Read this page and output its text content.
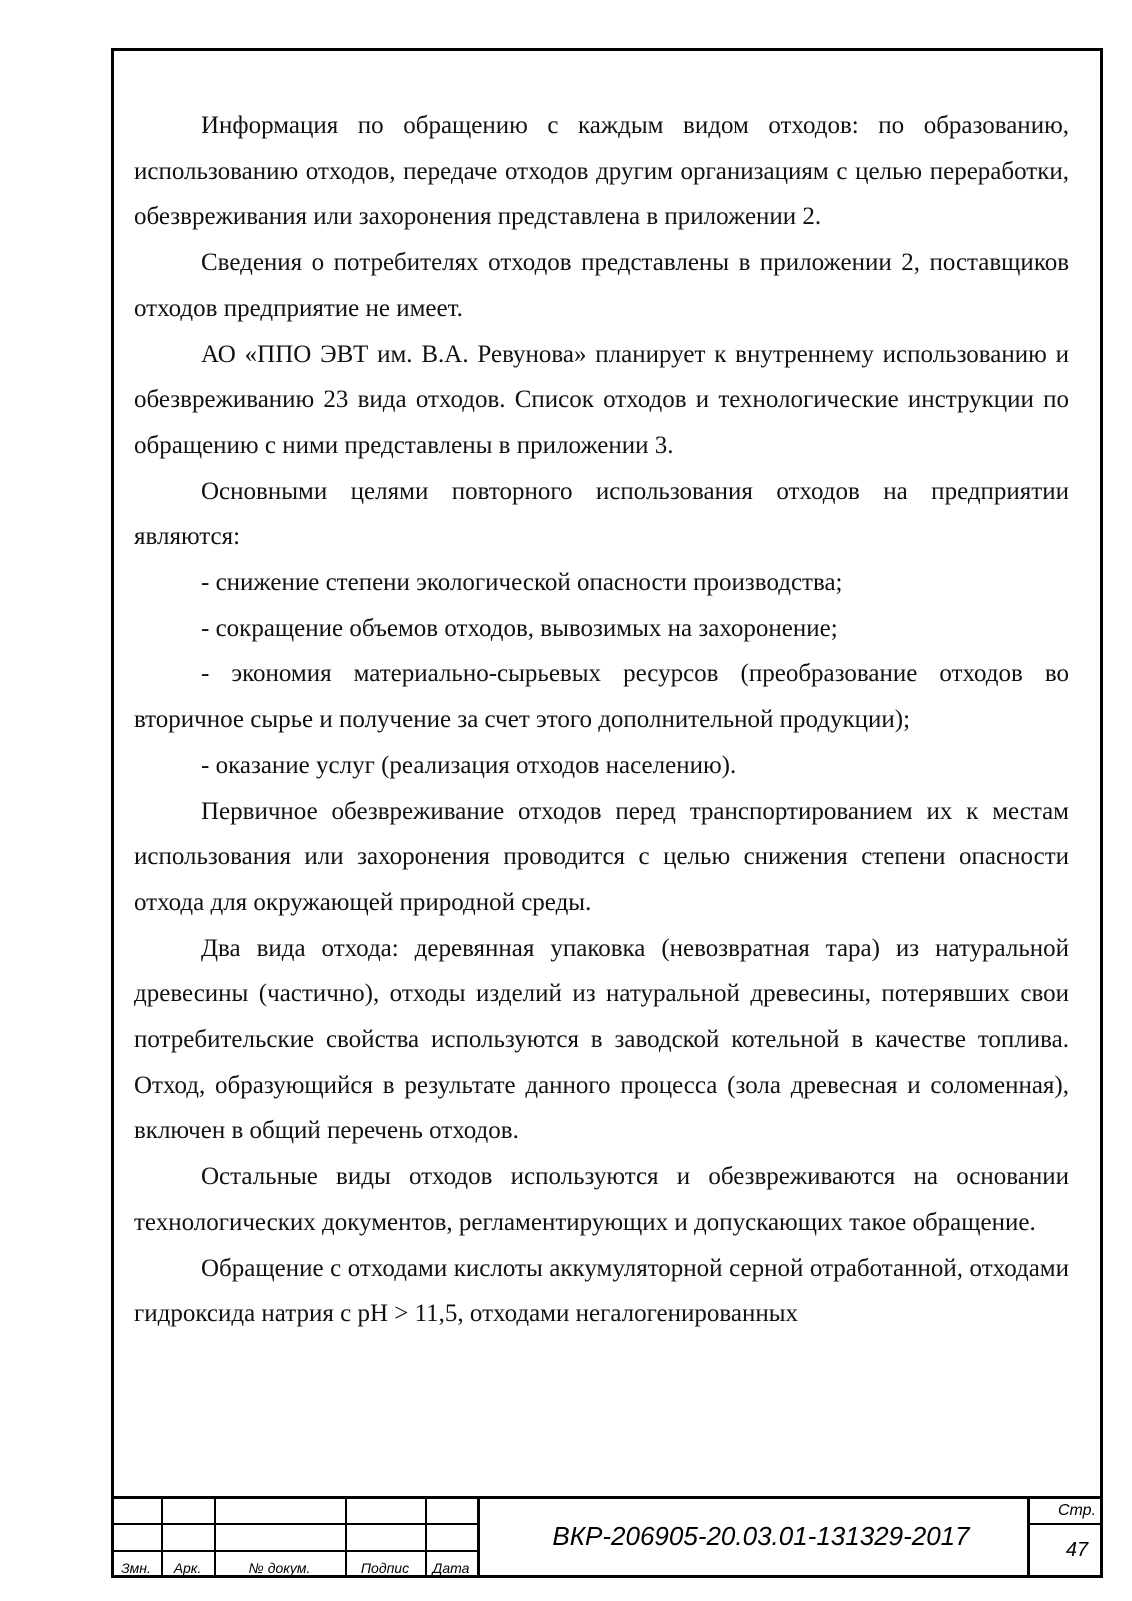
Информация по обращению с каждым видом отходов: по образованию, использованию отходов, передаче отходов другим организациям с целью переработки, обезвреживания или захоронения представлена в приложении 2.

Сведения о потребителях отходов представлены в приложении 2, поставщиков отходов предприятие не имеет.

АО «ППО ЭВТ им. В.А. Ревунова» планирует к внутреннему использованию и обезвреживанию 23 вида отходов. Список отходов и технологические инструкции по обращению с ними представлены в приложении 3.

Основными целями повторного использования отходов на предприятии являются:

- снижение степени экологической опасности производства;

- сокращение объемов отходов, вывозимых на захоронение;

- экономия материально-сырьевых ресурсов (преобразование отходов во вторичное сырье и получение за счет этого дополнительной продукции);

- оказание услуг (реализация отходов населению).

Первичное обезвреживание отходов перед транспортированием их к местам использования или захоронения проводится с целью снижения степени опасности отхода для окружающей природной среды.

Два вида отхода: деревянная упаковка (невозвратная тара) из натуральной древесины (частично), отходы изделий из натуральной древесины, потерявших свои потребительские свойства используются в заводской котельной в качестве топлива. Отход, образующийся в результате данного процесса (зола древесная и соломенная), включен в общий перечень отходов.

Остальные виды отходов используются и обезвреживаются на основании технологических документов, регламентирующих и допускающих такое обращение.

Обращение с отходами кислоты аккумуляторной серной отработанной, отходами гидроксида натрия с pH > 11,5, отходами негалогенированных

Змн.	Арк.	№ докум.	Подпис	Дата
ВКР-206905-20.03.01-131329-2017
Стр.
47
